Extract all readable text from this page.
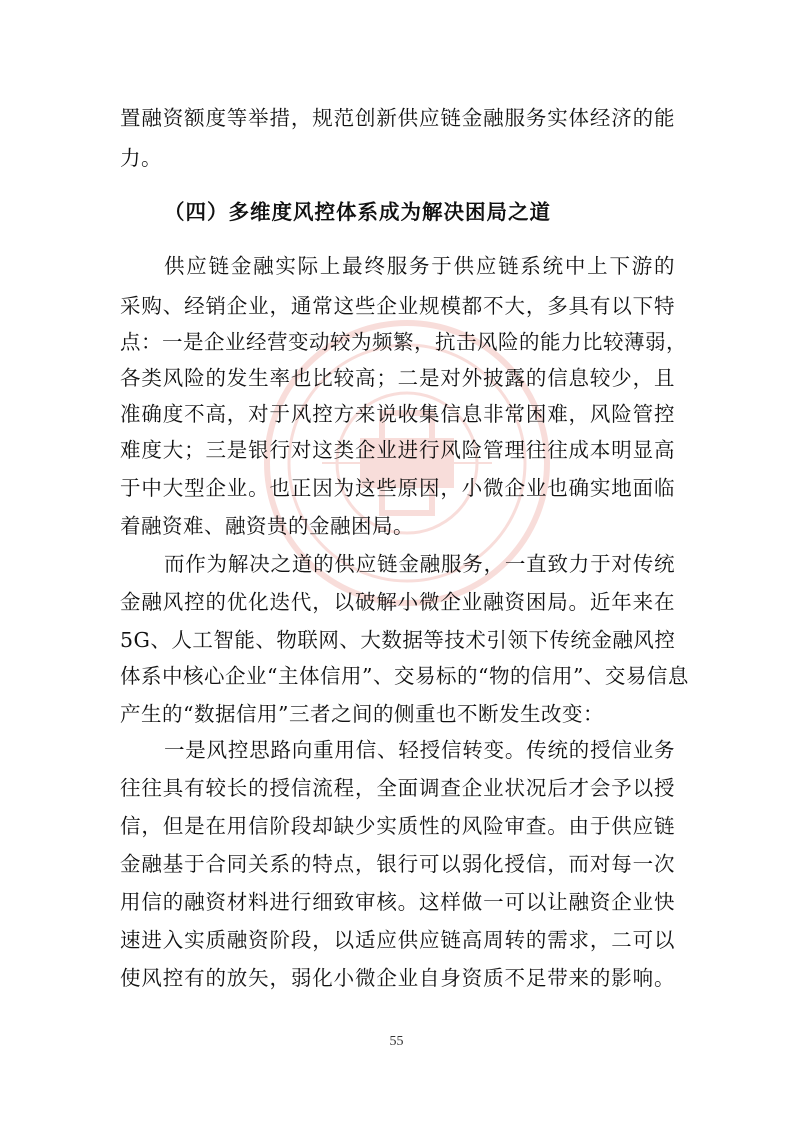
置融资额度等举措，规范创新供应链金融服务实体经济的能
力。
（四）多维度风控体系成为解决困局之道
供应链金融实际上最终服务于供应链系统中上下游的
采购、经销企业，通常这些企业规模都不大，多具有以下特
点：一是企业经营变动较为频繁，抗击风险的能力比较薄弱，
各类风险的发生率也比较高；二是对外披露的信息较少，且
准确度不高，对于风控方来说收集信息非常困难，风险管控
难度大；三是银行对这类企业进行风险管理往往成本明显高
于中大型企业。也正因为这些原因，小微企业也确实地面临
着融资难、融资贵的金融困局。
而作为解决之道的供应链金融服务，一直致力于对传统
金融风控的优化迭代，以破解小微企业融资困局。近年来在
5G、人工智能、物联网、大数据等技术引领下传统金融风控
体系中核心企业“主体信用”、交易标的“物的信用”、交易信息
产生的“数据信用”三者之间的侧重也不断发生改变：
一是风控思路向重用信、轻授信转变。传统的授信业务
往往具有较长的授信流程，全面调查企业状况后才会予以授
信，但是在用信阶段却缺少实质性的风险审查。由于供应链
金融基于合同关系的特点，银行可以弱化授信，而对每一次
用信的融资材料进行细致审核。这样做一可以让融资企业快
速进入实质融资阶段，以适应供应链高周转的需求，二可以
使风控有的放矢，弱化小微企业自身资质不足带来的影响。
55
